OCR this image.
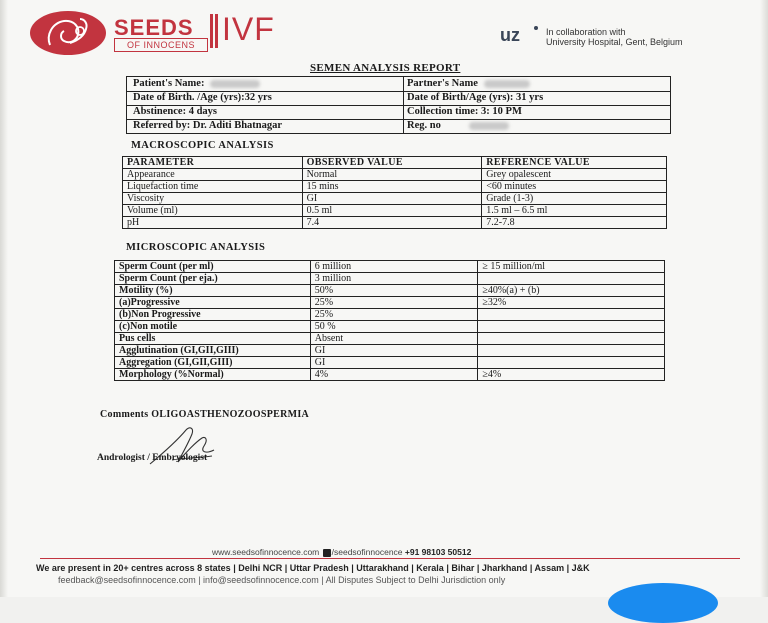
SEEDS
OF INNOCENS IVF	uz	In collaboration with
University Hospital, Gent, Belgium
SEMEN ANALYSIS REPORT
Patient's Name:	Partner's Name
Date of Birth. /Age (yrs):32 yrs	Date of Birth/Age (yrs): 31 yrs
Abstinence: 4 days	Collection time: 3: 10 PM
Referred by: Dr. Aditi Bhatnagar	Reg. no
MACROSCOPIC ANALYSIS
PARAMETER	OBSERVED VALUE	REFERENCE VALUE
Appearance	Normal	Grey opalescent
Liquefaction time	15 mins	<60 minutes
Viscosity	GI	Grade (1-3)
Volume (ml)	0.5 ml	1.5 ml – 6.5 ml
pH	7.4	7.2-7.8
MICROSCOPIC ANALYSIS
Sperm Count (per ml)	6 million	≥ 15 million/ml
Sperm Count (per eja.)	3 million	
Motility (%)	50%	≥40%(a) + (b)
(a)Progressive	25%	≥32%
(b)Non Progressive	25%	
(c)Non motile	50 %	
Pus cells	Absent	
Agglutination (GI,GII,GIII)	GI	
Aggregation (GI,GII,GIII)	GI	
Morphology (%Normal)	4%	≥4%
Comments OLIGOASTHENOZOOSPERMIA
Andrologist / Embryologist
www.seedsofinnocence.com /seedsofinnocence +91 98103 50512
We are present in 20+ centres across 8 states | Delhi NCR | Uttar Pradesh | Uttarakhand | Kerala | Bihar | Jharkhand | Assam | J&K
feedback@seedsofinnocence.com | info@seedsofinnocence.com | All Disputes Subject to Delhi Jurisdiction only
